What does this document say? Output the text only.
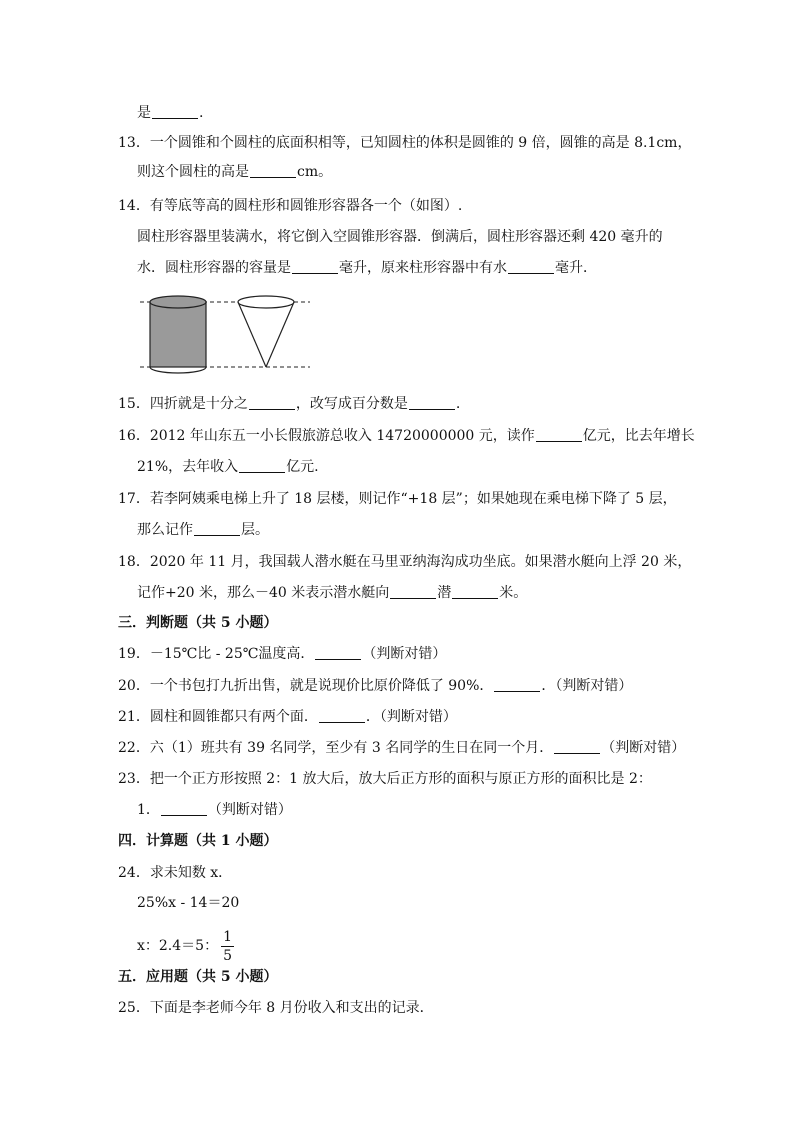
是	.
13．一个圆锥和个圆柱的底面积相等，已知圆柱的体积是圆锥的 9 倍，圆锥的高是 8.1cm，
则这个圆柱的高是	cm。
14．有等底等高的圆柱形和圆锥形容器各一个（如图）.
圆柱形容器里装满水，将它倒入空圆锥形容器．倒满后，圆柱形容器还剩 420 毫升的
水．圆柱形容器的容量是	毫升，原来柱形容器中有水	毫升．
15．四折就是十分之	，改写成百分数是	.
16．2012 年山东五一小长假旅游总收入 14720000000 元，读作	亿元，比去年增长
21%，去年收入	亿元.
17．若李阿姨乘电梯上升了 18 层楼，则记作“+18 层”；如果她现在乘电梯下降了 5 层，
那么记作	层。
18．2020 年 11 月，我国载人潜水艇在马里亚纳海沟成功坐底。如果潜水艇向上浮 20 米，
记作+20 米，那么－40 米表示潜水艇向	潜	米。
三．判断题（共 5 小题）
19．－15℃比 - 25℃温度高．	（判断对错）
20．一个书包打九折出售，就是说现价比原价降低了 90%．	．（判断对错）
21．圆柱和圆锥都只有两个面．	．（判断对错）
22．六（1）班共有 39 名同学，至少有 3 名同学的生日在同一个月．	（判断对错）
23．把一个正方形按照 2：1 放大后，放大后正方形的面积与原正方形的面积比是 2：
1．	（判断对错）
四．计算题（共 1 小题）
24．求未知数 x．
25%x - 14＝20
x：2.4＝5： $\frac{1}{5}$
五．应用题（共 5 小题）
25．下面是李老师今年 8 月份收入和支出的记录．
